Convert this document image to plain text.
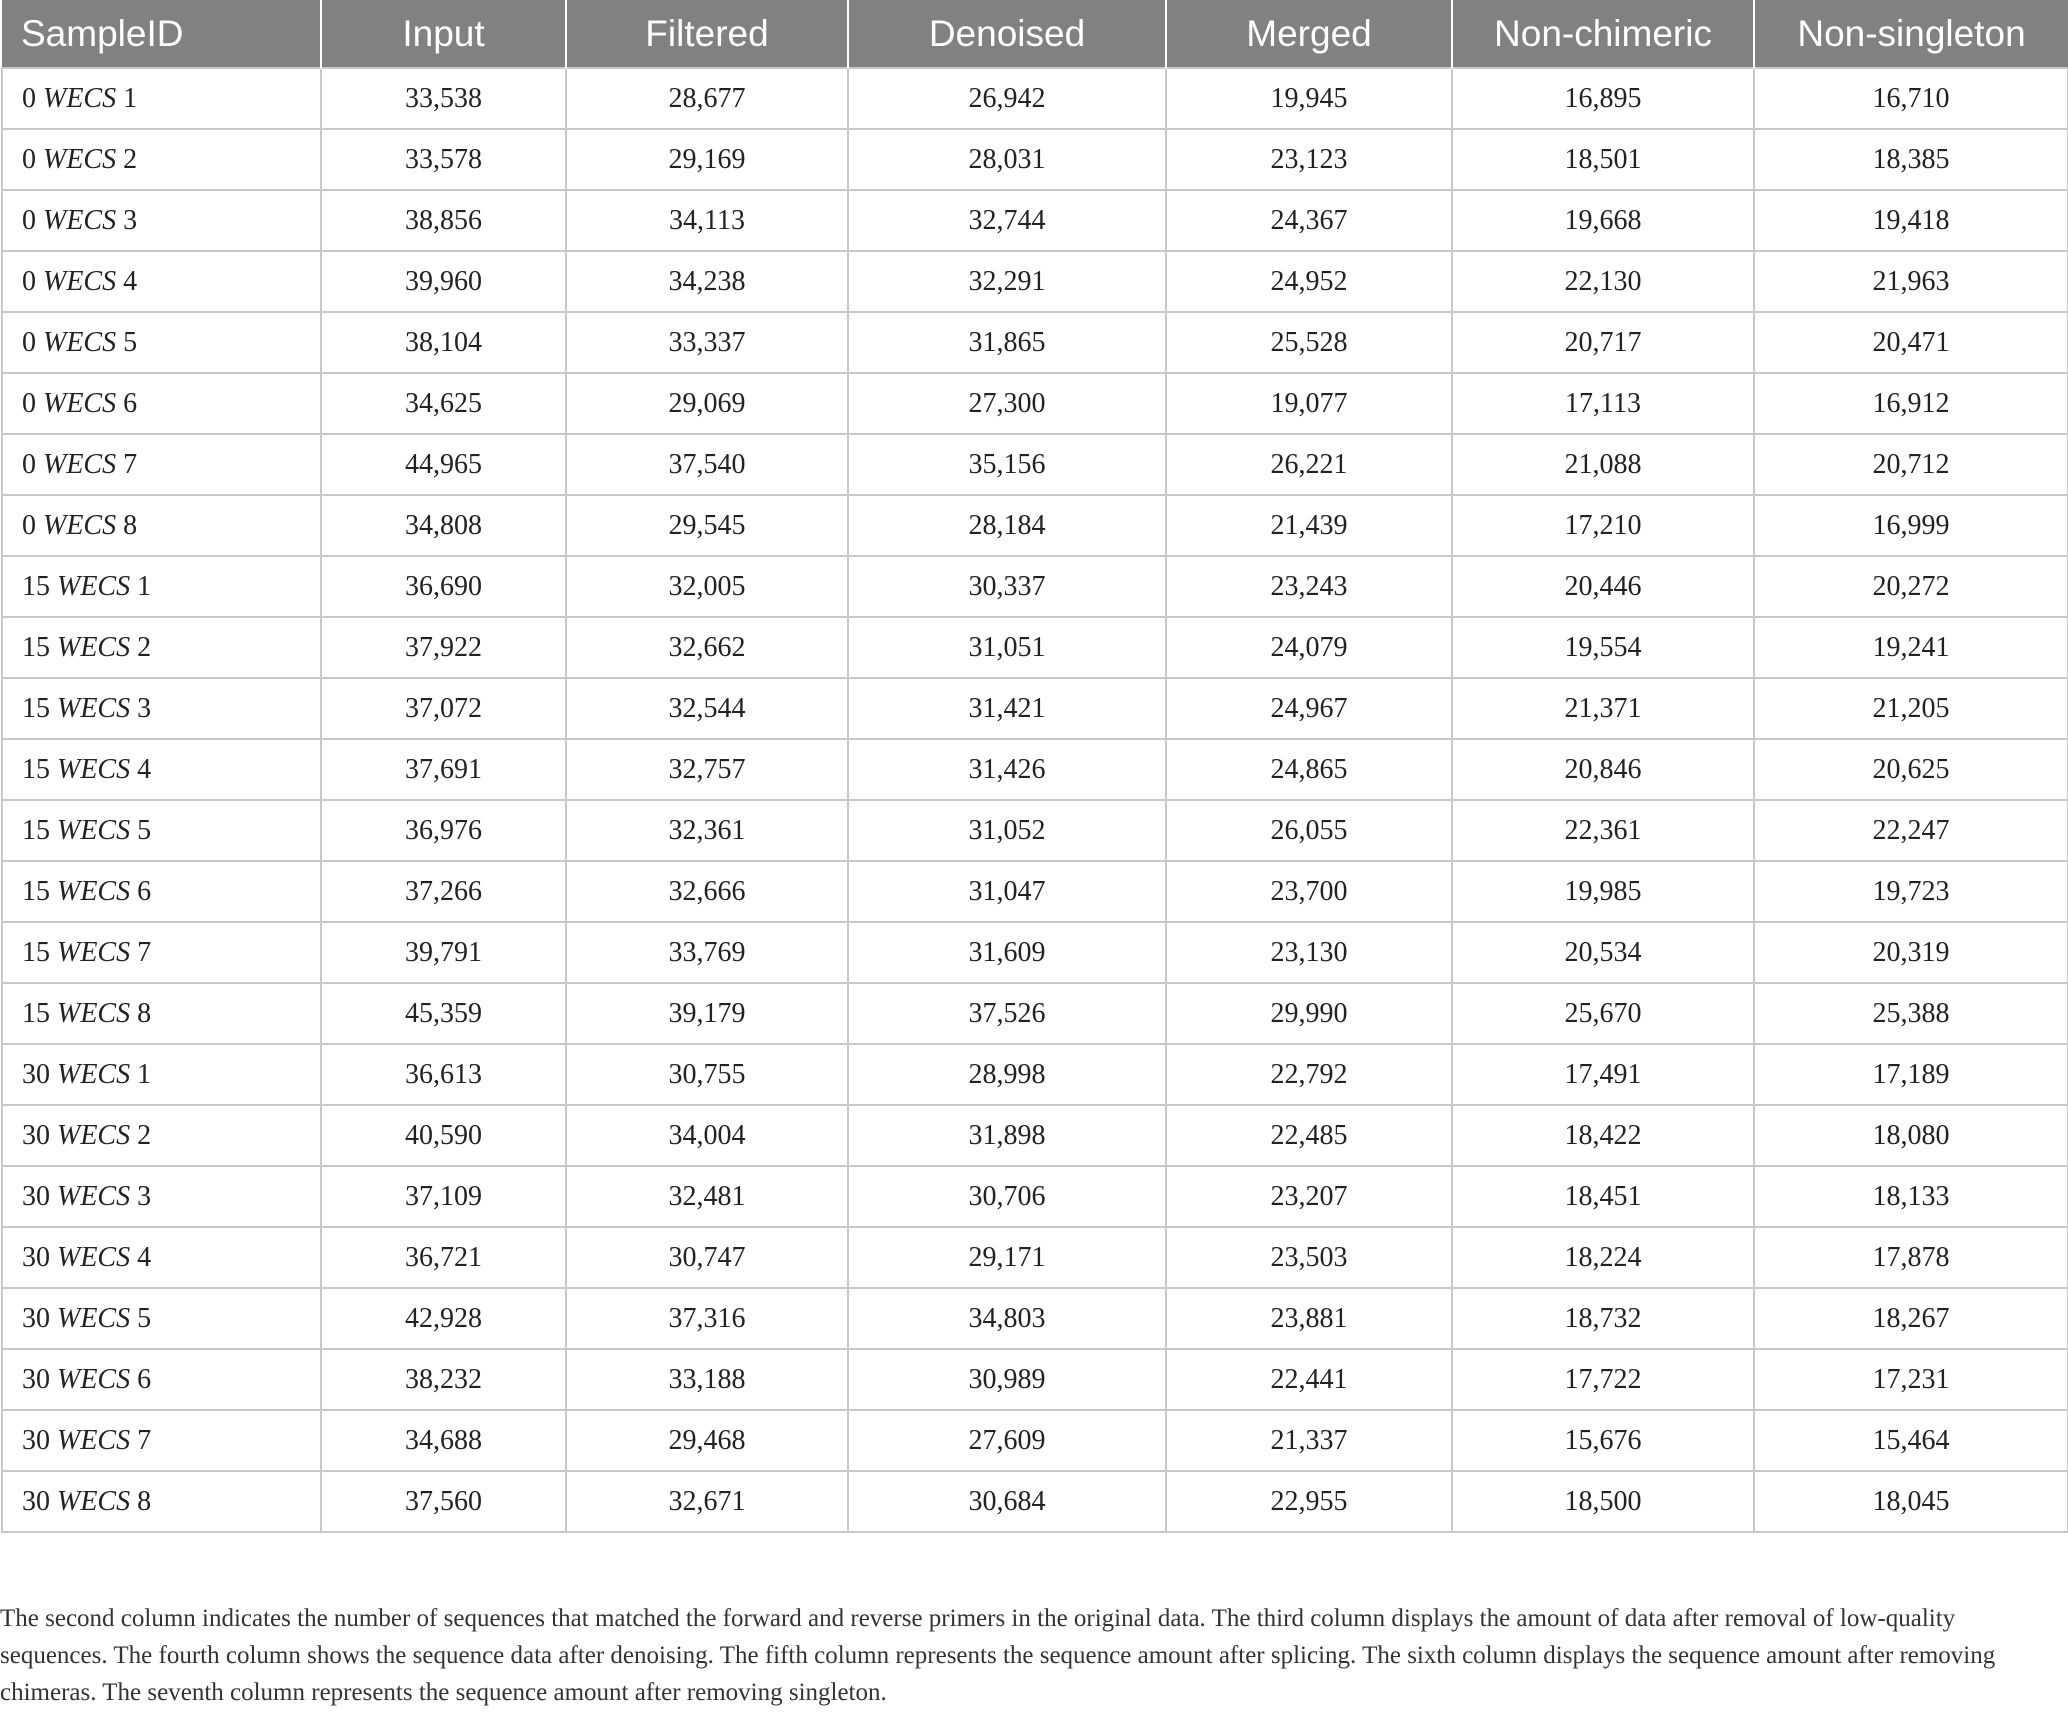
SampleID	Input	Filtered	Denoised	Merged	Non-chimeric	Non-singleton
0 WECS 1	33,538	28,677	26,942	19,945	16,895	16,710
0 WECS 2	33,578	29,169	28,031	23,123	18,501	18,385
0 WECS 3	38,856	34,113	32,744	24,367	19,668	19,418
0 WECS 4	39,960	34,238	32,291	24,952	22,130	21,963
0 WECS 5	38,104	33,337	31,865	25,528	20,717	20,471
0 WECS 6	34,625	29,069	27,300	19,077	17,113	16,912
0 WECS 7	44,965	37,540	35,156	26,221	21,088	20,712
0 WECS 8	34,808	29,545	28,184	21,439	17,210	16,999
15 WECS 1	36,690	32,005	30,337	23,243	20,446	20,272
15 WECS 2	37,922	32,662	31,051	24,079	19,554	19,241
15 WECS 3	37,072	32,544	31,421	24,967	21,371	21,205
15 WECS 4	37,691	32,757	31,426	24,865	20,846	20,625
15 WECS 5	36,976	32,361	31,052	26,055	22,361	22,247
15 WECS 6	37,266	32,666	31,047	23,700	19,985	19,723
15 WECS 7	39,791	33,769	31,609	23,130	20,534	20,319
15 WECS 8	45,359	39,179	37,526	29,990	25,670	25,388
30 WECS 1	36,613	30,755	28,998	22,792	17,491	17,189
30 WECS 2	40,590	34,004	31,898	22,485	18,422	18,080
30 WECS 3	37,109	32,481	30,706	23,207	18,451	18,133
30 WECS 4	36,721	30,747	29,171	23,503	18,224	17,878
30 WECS 5	42,928	37,316	34,803	23,881	18,732	18,267
30 WECS 6	38,232	33,188	30,989	22,441	17,722	17,231
30 WECS 7	34,688	29,468	27,609	21,337	15,676	15,464
30 WECS 8	37,560	32,671	30,684	22,955	18,500	18,045
The second column indicates the number of sequences that matched the forward and reverse primers in the original data. The third column displays the amount of data after removal of low-quality sequences. The fourth column shows the sequence data after denoising. The fifth column represents the sequence amount after splicing. The sixth column displays the sequence amount after removing chimeras. The seventh column represents the sequence amount after removing singleton.
